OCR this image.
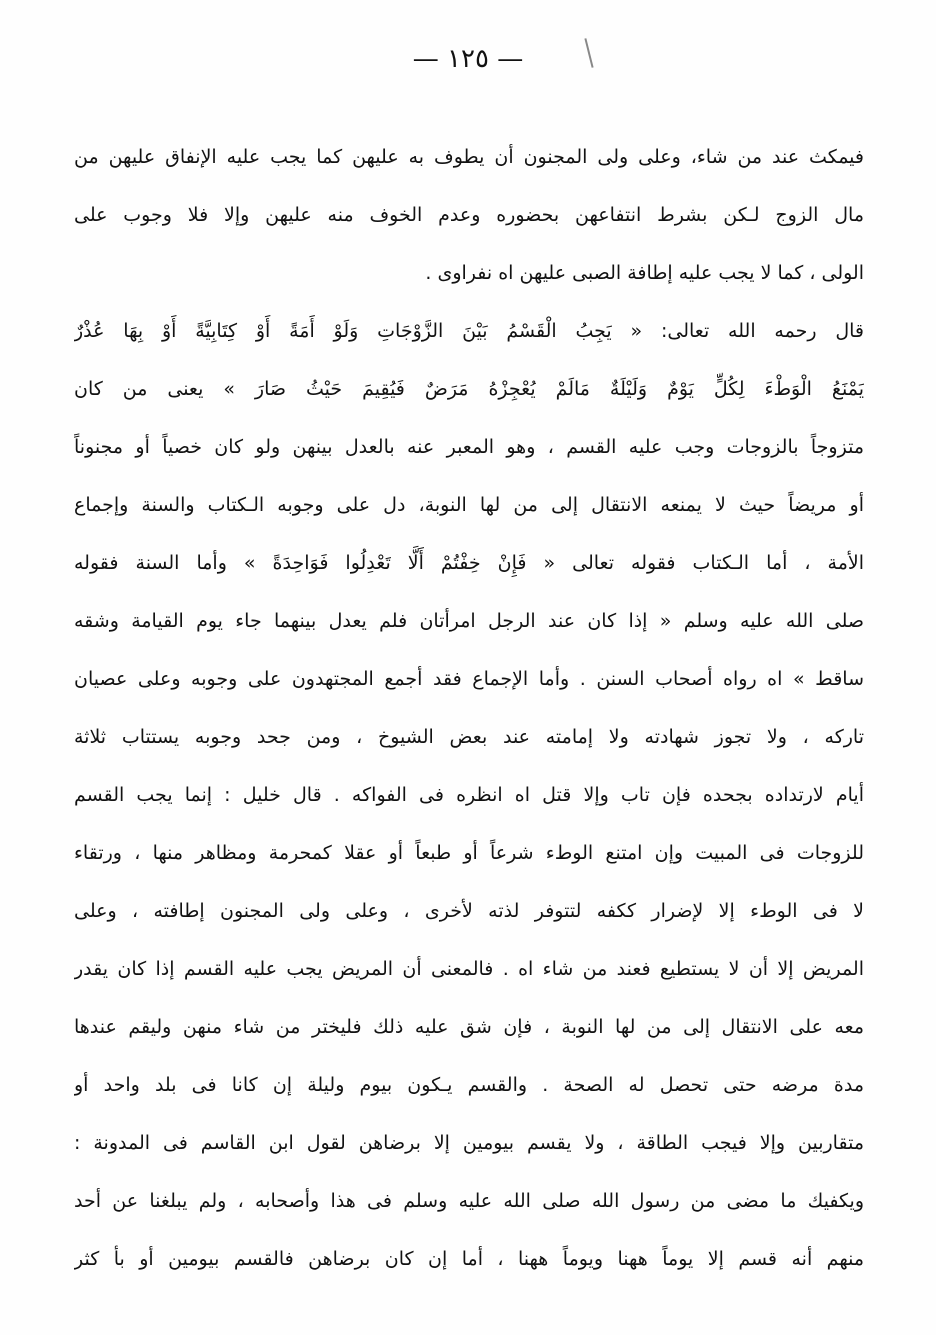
— ١٢٥ —
فيمكث عند من شاء، وعلى ولى المجنون أن يطوف به عليهن كما يجب عليه الإنفاق عليهن من
مال الزوج لـكن بشرط انتفاعهن بحضوره وعدم الخوف منه عليهن وإلا فلا وجوب على
الولى ، كما لا يجب عليه إطافة الصبى عليهن اه نفراوى .
قال رحمه الله تعالى: « يَجِبُ الْقَسْمُ بَيْنَ الزَّوْجَاتِ وَلَوْ أَمَةً أَوْ كِتَابِيَّةً أَوْ بِهَا عُذْرٌ
يَمْنَعُ الْوَطْءَ لِكُلٍّ يَوْمٌ وَلَيْلَةٌ مَالَمْ يُعْجِزْهُ مَرَضٌ فَيُقِيمَ حَيْثُ صَارَ » يعنى من كان
متزوجاً بالزوجات وجب عليه القسم ، وهو المعبر عنه بالعدل بينهن ولو كان خصياً أو مجنوناً
أو مريضاً حيث لا يمنعه الانتقال إلى من لها النوبة، دل على وجوبه الـكتاب والسنة وإجماع
الأمة ، أما الـكتاب فقوله تعالى « فَإِنْ خِفْتُمْ أَلَّا تَعْدِلُوا فَوَاحِدَةً » وأما السنة فقوله
صلى الله عليه وسلم « إذا كان عند الرجل امرأتان فلم يعدل بينهما جاء يوم القيامة وشقه
ساقط » اه رواه أصحاب السنن . وأما الإجماع فقد أجمع المجتهدون على وجوبه وعلى عصيان
تاركه ، ولا تجوز شهادته ولا إمامته عند بعض الشيوخ ، ومن جحد وجوبه يستتاب ثلاثة
أيام لارتداده بجحده فإن تاب وإلا قتل اه انظره فى الفواكه . قال خليل : إنما يجب القسم
للزوجات فى المبيت وإن امتنع الوطء شرعاً أو طبعاً أو عقلا كمحرمة ومظاهر منها ، ورتقاء
لا فى الوطء إلا لإضرار ككفه لتتوفر لذته لأخرى ، وعلى ولى المجنون إطافته ، وعلى
المريض إلا أن لا يستطيع فعند من شاء اه . فالمعنى أن المريض يجب عليه القسم إذا كان يقدر
معه على الانتقال إلى من لها النوبة ، فإن شق عليه ذلك فليختر من شاء منهن وليقم عندها
مدة مرضه حتى تحصل له الصحة . والقسم يـكون بيوم وليلة إن كانا فى بلد واحد أو
متقاربين وإلا فيجب الطاقة ، ولا يقسم بيومين إلا برضاهن لقول ابن القاسم فى المدونة :
ويكفيك ما مضى من رسول الله صلى الله عليه وسلم فى هذا وأصحابه ، ولم يبلغنا عن أحد
منهم أنه قسم إلا يوماً ههنا ويوماً ههنا ، أما إن كان برضاهن فالقسم بيومين أو بأ كثر
